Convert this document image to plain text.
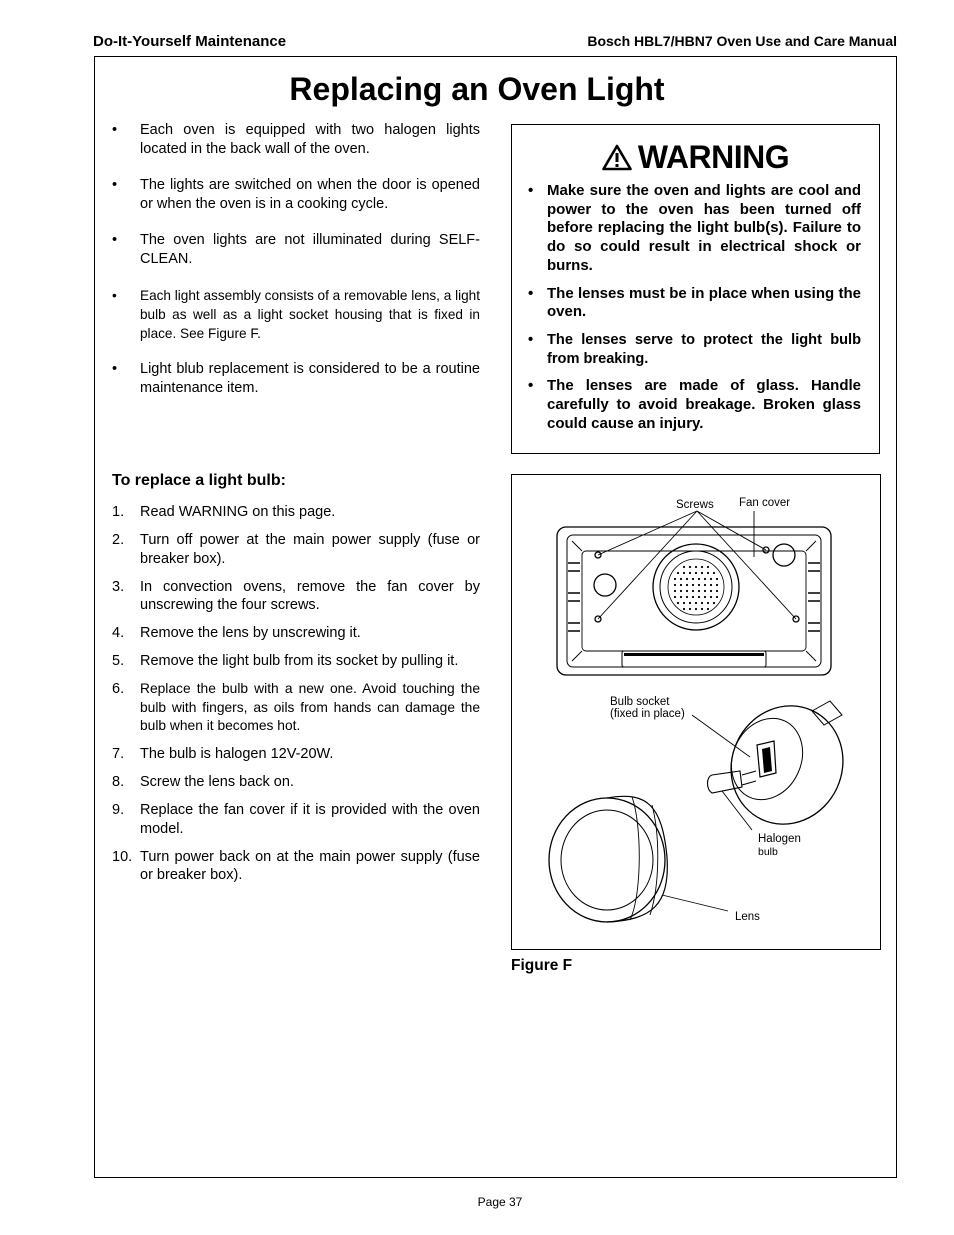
Do-It-Yourself Maintenance	Bosch HBL7/HBN7 Oven Use and Care Manual
Replacing an Oven Light
• Each oven is equipped with two halogen lights located in the back wall of the oven.
• The lights are switched on when the door is opened or when the oven is in a cooking cycle.
• The oven lights are not illuminated during SELF-CLEAN.
• Each light assembly consists of a removable lens, a light bulb as well as a light socket housing that is fixed in place. See Figure F.
• Light blub replacement is considered to be a routine maintenance item.
To replace a light bulb:
1.	Read WARNING on this page.
2.	Turn off power at the main power supply (fuse or breaker box).
3.	In convection ovens, remove the fan cover by unscrewing the four screws.
4.	Remove the lens by unscrewing it.
5.	Remove the light bulb from its socket by pulling it.
6.	Replace the bulb with a new one. Avoid touching the bulb with fingers, as oils from hands can damage the bulb when it becomes hot.
7.	The bulb is halogen 12V-20W.
8.	Screw the lens back on.
9.	Replace the fan cover if it is provided with the oven model.
10. Turn power back on at the main power supply (fuse or breaker box).
WARNING
• Make sure the oven and lights are cool and power to the oven has been turned off before replacing the light bulb(s). Failure to do so could result in electrical shock or burns.
• The lenses must be in place when using the oven.
• The lenses serve to protect the light bulb from breaking.
• The lenses are made of glass. Handle carefully to avoid breakage. Broken glass could cause an injury.
Screws Fan cover
Bulb socket
(fixed in place)
Halogen
bulb
Lens
Figure F
Page 37
